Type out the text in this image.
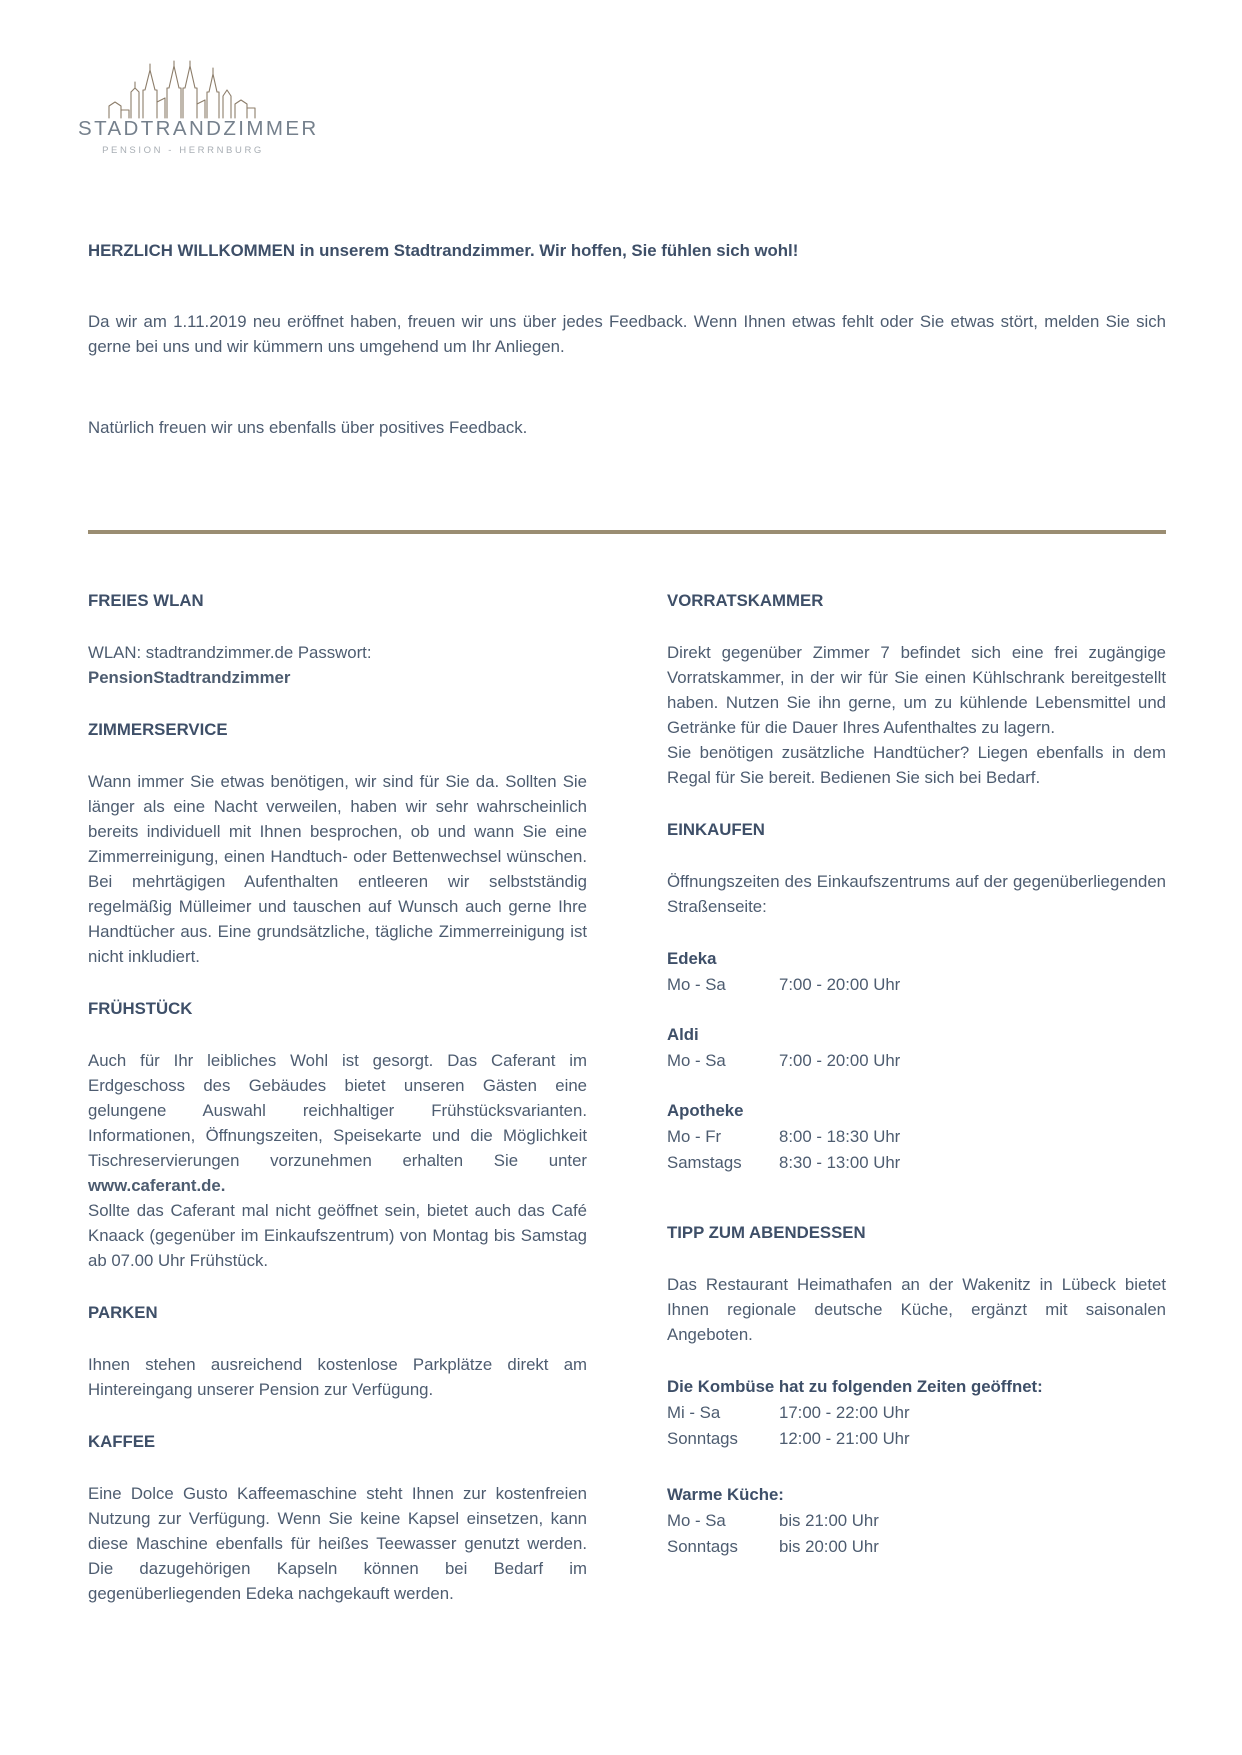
STADTRANDZIMMER
PENSION - HERRNBURG

HERZLICH WILLKOMMEN in unserem Stadtrandzimmer. Wir hoffen, Sie fühlen sich wohl!

Da wir am 1.11.2019 neu eröffnet haben, freuen wir uns über jedes Feedback. Wenn Ihnen etwas fehlt oder Sie etwas stört, melden Sie sich gerne bei uns und wir kümmern uns umgehend um Ihr Anliegen.

Natürlich freuen wir uns ebenfalls über positives Feedback.

FREIES WLAN

WLAN: stadtrandzimmer.de Passwort:
PensionStadtrandzimmer

ZIMMERSERVICE

Wann immer Sie etwas benötigen, wir sind für Sie da. Sollten Sie länger als eine Nacht verweilen, haben wir sehr wahrscheinlich bereits individuell mit Ihnen besprochen, ob und wann Sie eine Zimmerreinigung, einen Handtuch- oder Bettenwechsel wünschen. Bei mehrtägigen Aufenthalten entleeren wir selbstständig regelmäßig Mülleimer und tauschen auf Wunsch auch gerne Ihre Handtücher aus. Eine grundsätzliche, tägliche Zimmerreinigung ist nicht inkludiert.

FRÜHSTÜCK

Auch für Ihr leibliches Wohl ist gesorgt. Das Caferant im Erdgeschoss des Gebäudes bietet unseren Gästen eine gelungene Auswahl reichhaltiger Frühstücksvarianten. Informationen, Öffnungszeiten, Speisekarte und die Möglichkeit Tischreservierungen vorzunehmen erhalten Sie unter www.caferant.de.

Sollte das Caferant mal nicht geöffnet sein, bietet auch das Café Knaack (gegenüber im Einkaufszentrum) von Montag bis Samstag ab 07.00 Uhr Frühstück.

PARKEN

Ihnen stehen ausreichend kostenlose Parkplätze direkt am Hintereingang unserer Pension zur Verfügung.

KAFFEE

Eine Dolce Gusto Kaffeemaschine steht Ihnen zur kostenfreien Nutzung zur Verfügung. Wenn Sie keine Kapsel einsetzen, kann diese Maschine ebenfalls für heißes Teewasser genutzt werden. Die dazugehörigen Kapseln können bei Bedarf im gegenüberliegenden Edeka nachgekauft werden.

VORRATSKAMMER

Direkt gegenüber Zimmer 7 befindet sich eine frei zugängige Vorratskammer, in der wir für Sie einen Kühlschrank bereitgestellt haben. Nutzen Sie ihn gerne, um zu kühlende Lebensmittel und Getränke für die Dauer Ihres Aufenthaltes zu lagern.

Sie benötigen zusätzliche Handtücher? Liegen ebenfalls in dem Regal für Sie bereit. Bedienen Sie sich bei Bedarf.

EINKAUFEN

Öffnungszeiten des Einkaufszentrums auf der gegenüberliegenden Straßenseite:

Edeka
Mo - Sa	7:00 - 20:00 Uhr
Aldi
Mo - Sa	7:00 - 20:00 Uhr
Apotheke
Mo - Fr	8:00 - 18:30 Uhr
Samstags 8:30 - 13:00 Uhr
TIPP ZUM ABENDESSEN

Das Restaurant Heimathafen an der Wakenitz in Lübeck bietet Ihnen regionale deutsche Küche, ergänzt mit saisonalen Angeboten.

Die Kombüse hat zu folgenden Zeiten geöffnet:

Mi - Sa	17:00 - 22:00 Uhr
Sonntags 12:00 - 21:00 Uhr

Warme Küche:

Mo - Sa	bis 21:00 Uhr
Sonntags bis 20:00 Uhr
